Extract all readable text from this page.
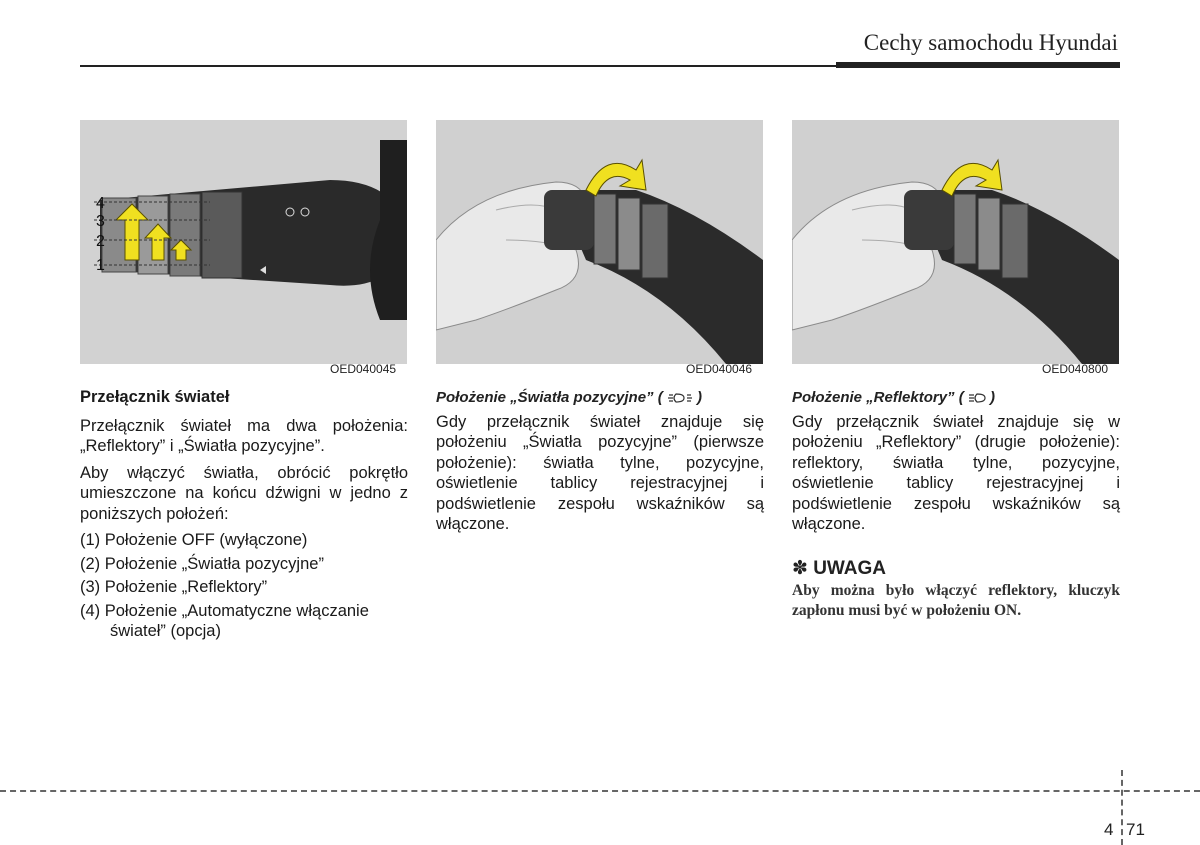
Cechy samochodu Hyundai
4
3
2
1
OED040045	OED040046	OED040800
Przełącznik świateł

Przełącznik świateł ma dwa położenia: „Reflektory” i „Światła pozycyjne”.

Aby włączyć światła, obrócić pokrętło umieszczone na końcu dźwigni w jedno z poniższych położeń:

(1) Położenie OFF (wyłączone)
(2) Położenie „Światła pozycyjne”
(3) Położenie „Reflektory”
(4) Położenie „Automatyczne włączanie świateł” (opcja)
Położenie „Światła pozycyjne” (  )

Gdy przełącznik świateł znajduje się położeniu „Światła pozycyjne” (pierwsze położenie): światła tylne, pozycyjne, oświetlenie tablicy rejestracyjnej i podświetlenie zespołu wskaźników są włączone.

Położenie „Reflektory” (  )

Gdy przełącznik świateł znajduje się w położeniu „Reflektory” (drugie położenie): reflektory, światła tylne, pozycyjne, oświetlenie tablicy rejestracyjnej i podświetlenie zespołu wskaźników są włączone.

✽ UWAGA
Aby można było włączyć reflektory, kluczyk zapłonu musi być w położeniu ON.
4 71
